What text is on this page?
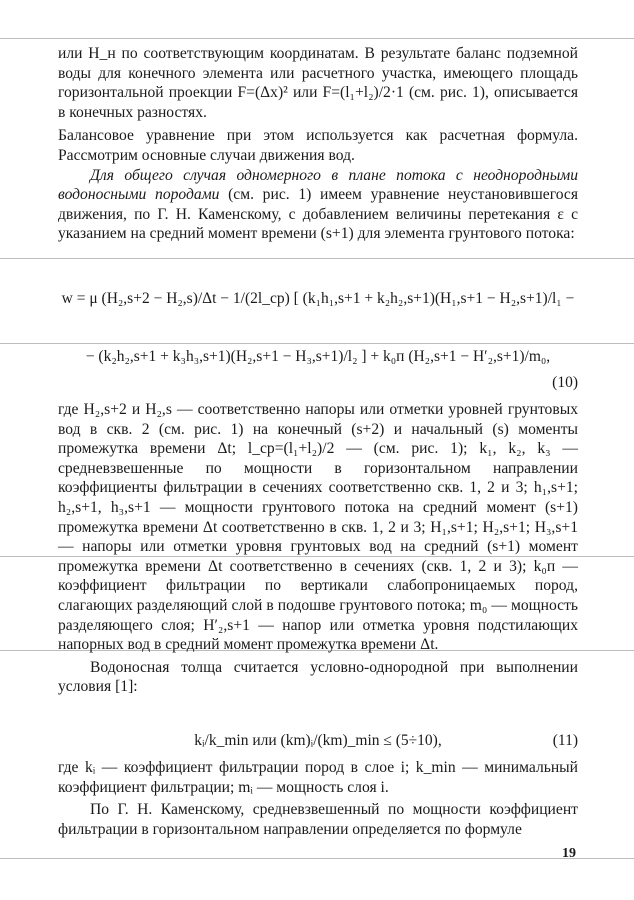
или H_н по соответствующим координатам. В результате баланс подземной воды для конечного элемента или расчетного участка, имеющего площадь горизонтальной проекции F=(Δx)² или F=(l₁+l₂)/2·1 (см. рис. 1), описывается в конечных разностях.

Балансовое уравнение при этом используется как расчетная формула. Рассмотрим основные случаи движения вод.

Для общего случая одномерного в плане потока с неоднородными водоносными породами (см. рис. 1) имеем уравнение неустановившегося движения, по Г. Н. Каменскому, с добавлением величины перетекания ε с указанием на средний момент времени (s+1) для элемента грунтового потока:

w = μ (H₂,s+2 − H₂,s)/Δt − 1/(2l_ср) [ (k₁h₁,s+1 + k₂h₂,s+1)(H₁,s+1 − H₂,s+1)/l₁ −
− (k₂h₂,s+1 + k₃h₃,s+1)(H₂,s+1 − H₃,s+1)/l₂ ] + k₀п (H₂,s+1 − H′₂,s+1)/m₀,
(10)

где H₂,s+2 и H₂,s — соответственно напоры или отметки уровней грунтовых вод в скв. 2 (см. рис. 1) на конечный (s+2) и начальный (s) моменты промежутка времени Δt; l_ср=(l₁+l₂)/2 — (см. рис. 1); k₁, k₂, k₃ — средневзвешенные по мощности в горизонтальном направлении коэффициенты фильтрации в сечениях соответственно скв. 1, 2 и 3; h₁,s+1; h₂,s+1, h₃,s+1 — мощности грунтового потока на средний момент (s+1) промежутка времени Δt соответственно в скв. 1, 2 и 3; H₁,s+1; H₂,s+1; H₃,s+1 — напоры или отметки уровня грунтовых вод на средний (s+1) момент промежутка времени Δt соответственно в сечениях (скв. 1, 2 и 3); k₀п — коэффициент фильтрации по вертикали слабопроницаемых пород, слагающих разделяющий слой в подошве грунтового потока; m₀ — мощность разделяющего слоя; H′₂,s+1 — напор или отметка уровня подстилающих напорных вод в средний момент промежутка времени Δt.

Водоносная толща считается условно-однородной при выполнении условия [1]:

kᵢ/k_min или (km)ᵢ/(km)_min ≤ (5÷10),	(11)

где kᵢ — коэффициент фильтрации пород в слое i; k_min — минимальный коэффициент фильтрации; mᵢ — мощность слоя i.

По Г. Н. Каменскому, средневзвешенный по мощности коэффициент фильтрации в горизонтальном направлении определяется по формуле

19
